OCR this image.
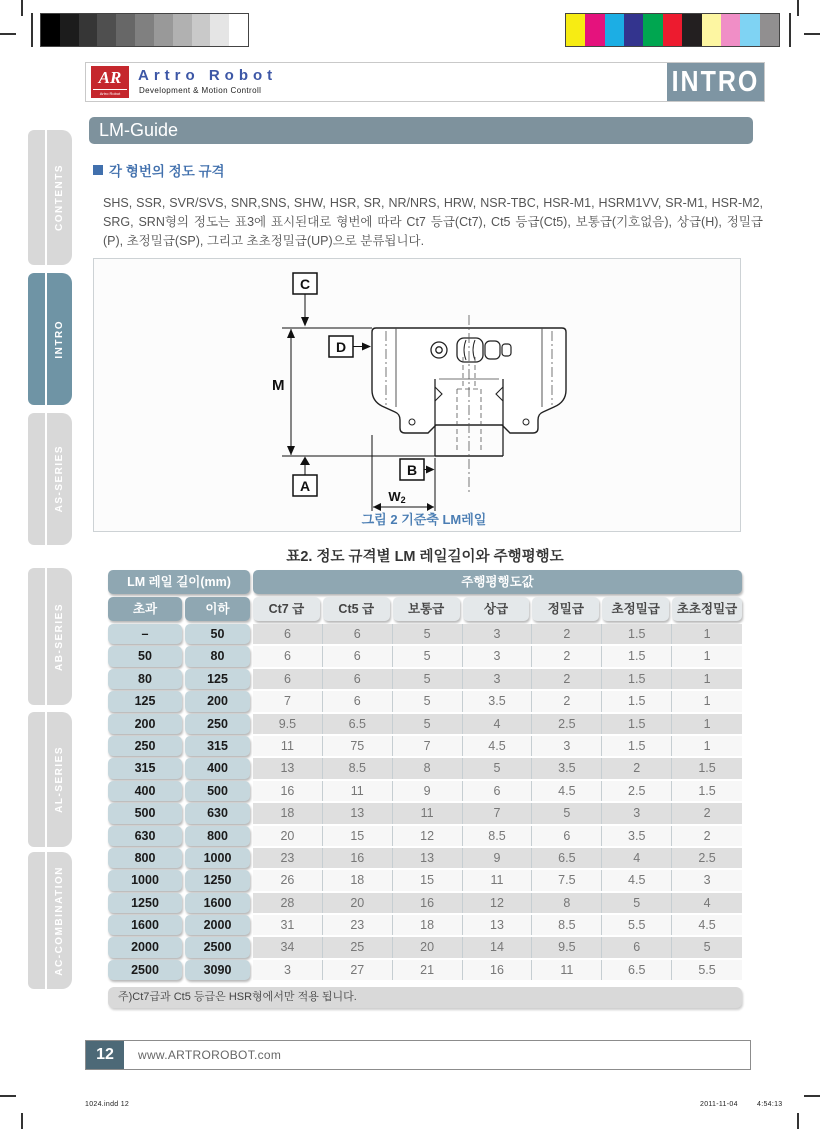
CONTENTS
INTRO
AS-SERIES
AB-SERIES
AL-SERIES
AC-COMBINATION
AR
Artro Robot
Artro Robot
Development & Motion Controll	INTRO
LM-Guide
각 형번의 정도 규격

SHS, SSR, SVR/SVS, SNR,SNS, SHW, HSR, SR, NR/NRS, HRW, NSR-TBC, HSR-M1, HSRM1VV, SR-M1, HSR-M2, SRG, SRN형의 정도는 표3에 표시된대로 형번에 따라 Ct7 등급(Ct7), Ct5 등급(Ct5), 보통급(기호없음), 상급(H), 정밀급(P), 초정밀급(SP), 그리고 초초정밀급(UP)으로 분류됩니다.

M
C
D
A
B
W2
그림 2 기준축 LM레일
표2. 정도 규격별 LM 레일길이와 주행평행도
LM 레일 길이(mm)	주행평행도값
초과	이하	Ct7 급	Ct5 급	보통급	상급	정밀급	초정밀급	초초정밀급
–	50	6	6	5	3	2	1.5	1
50	80	6	6	5	3	2	1.5	1
80	125	6	6	5	3	2	1.5	1
125	200	7	6	5	3.5	2	1.5	1
200	250	9.5	6.5	5	4	2.5	1.5	1
250	315	11	75	7	4.5	3	1.5	1
315	400	13	8.5	8	5	3.5	2	1.5
400	500	16	11	9	6	4.5	2.5	1.5
500	630	18	13	11	7	5	3	2
630	800	20	15	12	8.5	6	3.5	2
800	1000	23	16	13	9	6.5	4	2.5
1000	1250	26	18	15	11	7.5	4.5	3
1250	1600	28	20	16	12	8	5	4
1600	2000	31	23	18	13	8.5	5.5	4.5
2000	2500	34	25	20	14	9.5	6	5
2500	3090	3	27	21	16	11	6.5	5.5
주)Ct7급과 Ct5 등급은 HSR형에서만 적용 됩니다.
12	www.ARTROROBOT.com
1024.indd 12	2011-11-04	4:54:13
